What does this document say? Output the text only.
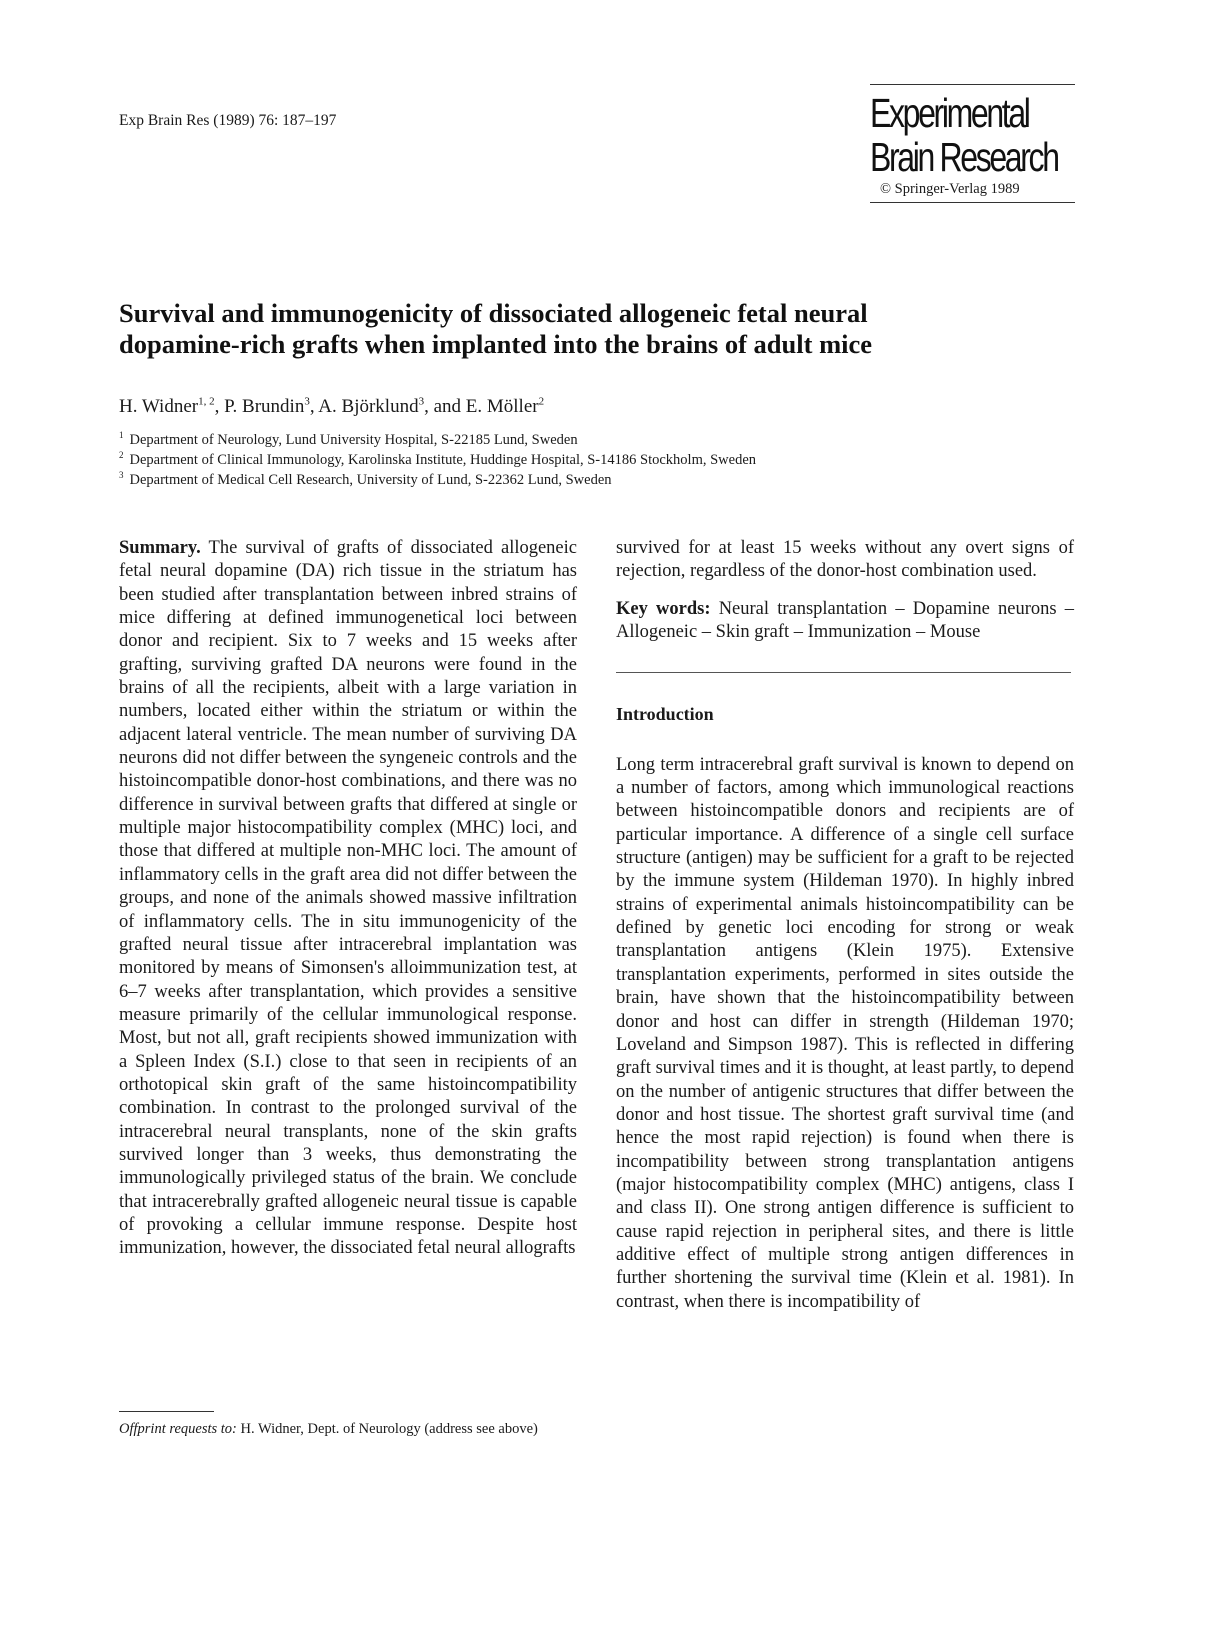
Exp Brain Res (1989) 76: 187–197	Experimental
Brain Research
© Springer-Verlag 1989
Survival and immunogenicity of dissociated allogeneic fetal neural
dopamine-rich grafts when implanted into the brains of adult mice
H. Widner$^{1, 2}$, P. Brundin$^3$, A. Björklund$^3$, and E. Möller$^2$
$^1$ Department of Neurology, Lund University Hospital, S-22185 Lund, Sweden
$^2$ Department of Clinical Immunology, Karolinska Institute, Huddinge Hospital, S-14186 Stockholm, Sweden
$^3$ Department of Medical Cell Research, University of Lund, S-22362 Lund, Sweden

Summary. The survival of grafts of dissociated allogeneic fetal neural dopamine (DA) rich tissue in the striatum has been studied after transplantation between inbred strains of mice differing at defined immunogenetical loci between donor and recipient. Six to 7 weeks and 15 weeks after grafting, surviving grafted DA neurons were found in the brains of all the recipients, albeit with a large variation in numbers, located either within the striatum or within the adjacent lateral ventricle. The mean number of surviving DA neurons did not differ between the syngeneic controls and the histoincompatible donor-host combinations, and there was no difference in survival between grafts that differed at single or multiple major histocompatibility complex (MHC) loci, and those that differed at multiple non-MHC loci. The amount of inflammatory cells in the graft area did not differ between the groups, and none of the animals showed massive infiltration of inflammatory cells. The in situ immunogenicity of the grafted neural tissue after intracerebral implantation was monitored by means of Simonsen's alloimmunization test, at 6–7 weeks after transplantation, which provides a sensitive measure primarily of the cellular immunological response. Most, but not all, graft recipients showed immunization with a Spleen Index (S.I.) close to that seen in recipients of an orthotopical skin graft of the same histoincompatibility combination. In contrast to the prolonged survival of the intracerebral neural transplants, none of the skin grafts survived longer than 3 weeks, thus demonstrating the immunologically privileged status of the brain. We conclude that intracerebrally grafted allogeneic neural tissue is capable of provoking a cellular immune response. Despite host immunization, however, the dissociated fetal neural allografts

survived for at least 15 weeks without any overt signs of rejection, regardless of the donor-host combination used.

Key words: Neural transplantation – Dopamine neurons – Allogeneic – Skin graft – Immunization – Mouse

Introduction

Long term intracerebral graft survival is known to depend on a number of factors, among which immunological reactions between histoincompatible donors and recipients are of particular importance. A difference of a single cell surface structure (antigen) may be sufficient for a graft to be rejected by the immune system (Hildeman 1970). In highly inbred strains of experimental animals histoincompatibility can be defined by genetic loci encoding for strong or weak transplantation antigens (Klein 1975). Extensive transplantation experiments, performed in sites outside the brain, have shown that the histoincompatibility between donor and host can differ in strength (Hildeman 1970; Loveland and Simpson 1987). This is reflected in differing graft survival times and it is thought, at least partly, to depend on the number of antigenic structures that differ between the donor and host tissue. The shortest graft survival time (and hence the most rapid rejection) is found when there is incompatibility between strong transplantation antigens (major histocompatibility complex (MHC) antigens, class I and class II). One strong antigen difference is sufficient to cause rapid rejection in peripheral sites, and there is little additive effect of multiple strong antigen differences in further shortening the survival time (Klein et al. 1981). In contrast, when there is incompatibility of

Offprint requests to: H. Widner, Dept. of Neurology (address see above)
